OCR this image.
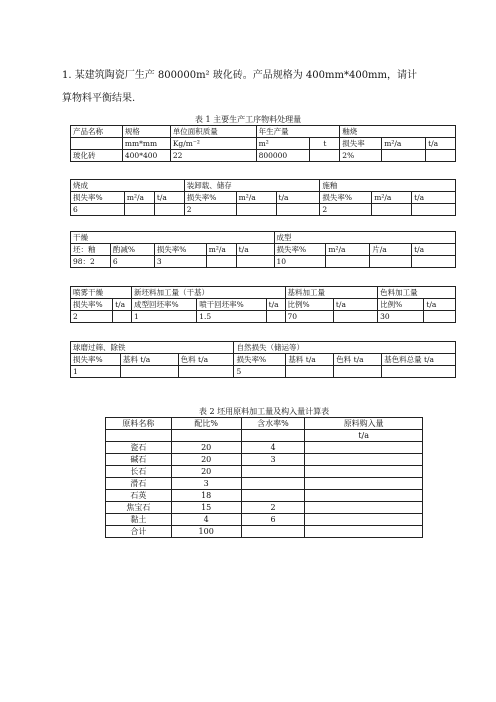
1. 某建筑陶瓷厂生产 800000m² 玻化砖。产品规格为 400mm*400mm，请计

算物料平衡结果.

表 1 主要生产工序物料处理量
产品名称	规格	单位面积质量	年生产量		釉烧		
	mm*mm	Kg/m⁻²	m²	t	损失率	m²/a	t/a
玻化砖	400*400	22	800000		2%		
烧成			装卸载、储存			施釉		
损失率%	m²/a	t/a	损失率%	m²/a	t/a	损失率%	m²/a	t/a
6			2			2		
干燥					成型			
坯：釉	酌减%	损失率%	m²/a	t/a	损失率%	m²/a	片/a	t/a
98：2	6	3			10			
喷雾干燥		新坯料加工量（干基）			基料加工量		色料加工量	
损失率%	t/a	成型回坯率%	喷干回坯率%	t/a	比例%	t/a	比例%	t/a
2		1	1.5		70		30	
球磨过筛、除铁			自然损失（储运等）			
损失率%	基料 t/a	色料 t/a	损失率%	基料 t/a	色料 t/a	基色料总量 t/a
1			5			
表 2 坯用原料加工量及构入量计算表
原料名称	配比%	含水率%	原料购入量
			t/a
瓷石	20	4	
碱石	20	3	
长石	20		
滑石	3		
石英	18		
焦宝石	15	2	
黏土	4	6	
合计	100		
